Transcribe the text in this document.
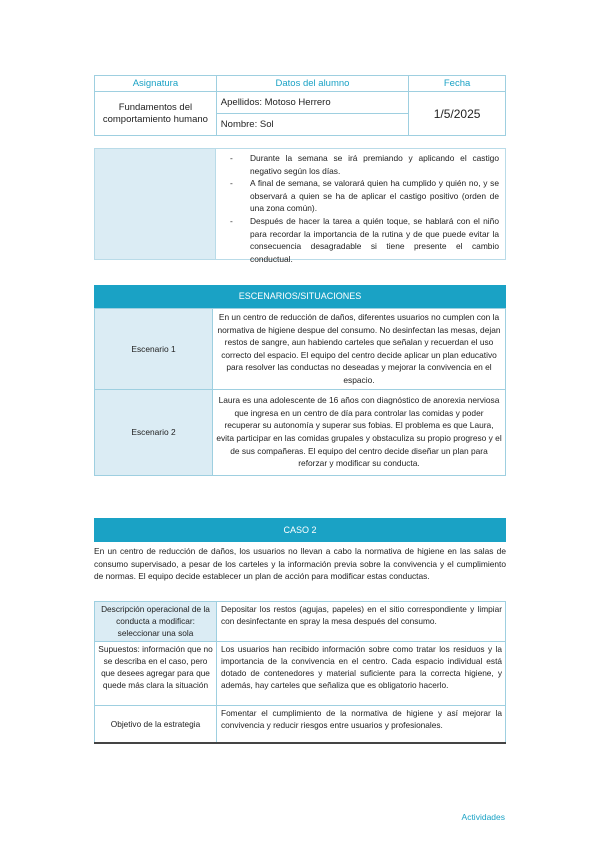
Asignatura	Datos del alumno	Fecha
Fundamentos del comportamiento humano	Apellidos: Motoso Herrero	1/5/2025
	Nombre: Sol	
- Durante la semana se irá premiando y aplicando el castigo negativo según los días.
- A final de semana, se valorará quien ha cumplido y quién no, y se observará a quien se ha de aplicar el castigo positivo (orden de una zona común).
- Después de hacer la tarea a quién toque, se hablará con el niño para recordar la importancia de la rutina y de que puede evitar la consecuencia desagradable si tiene presente el cambio conductual.
ESCENARIOS/SITUACIONES
Escenario 1	En un centro de reducción de daños, diferentes usuarios no cumplen con la normativa de higiene despue del consumo. No desinfectan las mesas, dejan restos de sangre, aun habiendo carteles que señalan y recuerdan el uso correcto del espacio. El equipo del centro decide aplicar un plan educativo para resolver las conductas no deseadas y mejorar la convivencia en el espacio.
Escenario 2	Laura es una adolescente de 16 años con diagnóstico de anorexia nerviosa que ingresa en un centro de día para controlar las comidas y poder recuperar su autonomía y superar sus fobias. El problema es que Laura, evita participar en las comidas grupales y obstaculiza su propio progreso y el de sus compañeras. El equipo del centro decide diseñar un plan para reforzar y modificar su conducta.
CASO 2
En un centro de reducción de daños, los usuarios no llevan a cabo la normativa de higiene en las salas de consumo supervisado, a pesar de los carteles y la información previa sobre la convivencia y el cumplimiento de normas. El equipo decide establecer un plan de acción para modificar estas conductas.
Descripción operacional de la conducta a modificar: seleccionar una sola	Depositar los restos (agujas, papeles) en el sitio correspondiente y limpiar con desinfectante en spray la mesa después del consumo.
Supuestos: información que no se describa en el caso, pero que desees agregar para que quede más clara la situación	Los usuarios han recibido información sobre como tratar los residuos y la importancia de la convivencia en el centro. Cada espacio individual está dotado de contenedores y material suficiente para la correcta higiene, y además, hay carteles que señaliza que es obligatorio hacerlo.
Objetivo de la estrategia	Fomentar el cumplimiento de la normativa de higiene y así mejorar la convivencia y reducir riesgos entre usuarios y profesionales.
Actividades
